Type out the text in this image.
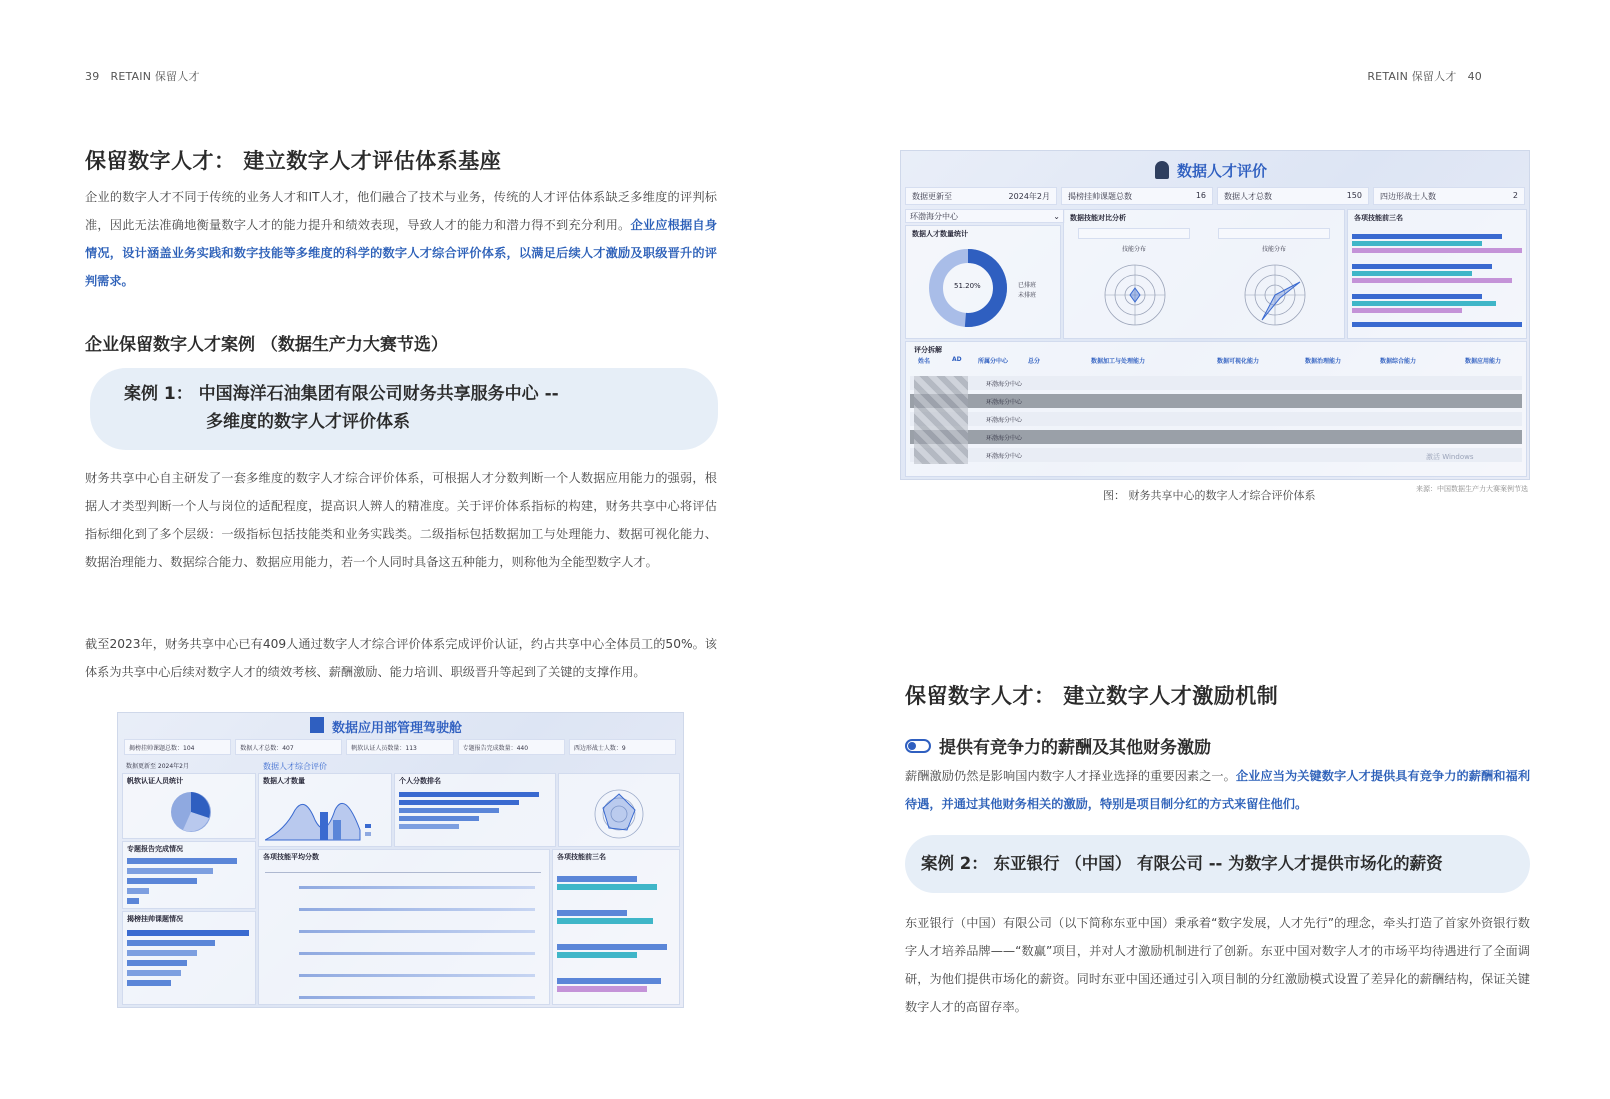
39 RETAIN 保留人才	RETAIN 保留人才 40
保留数字人才： 建立数字人才评估体系基座
企业的数字人才不同于传统的业务人才和IT人才，他们融合了技术与业务，传统的人才评估体系缺乏多维度的评判标准，因此无法准确地衡量数字人才的能力提升和绩效表现，导致人才的能力和潜力得不到充分利用。企业应根据自身情况，设计涵盖业务实践和数字技能等多维度的科学的数字人才综合评价体系，以满足后续人才激励及职级晋升的评判需求。
企业保留数字人才案例 （数据生产力大赛节选）
案例 1： 中国海洋石油集团有限公司财务共享服务中心 --
多维度的数字人才评价体系
财务共享中心自主研发了一套多维度的数字人才综合评价体系，可根据人才分数判断一个人数据应用能力的强弱，根据人才类型判断一个人与岗位的适配程度，提高识人辨人的精准度。关于评价体系指标的构建，财务共享中心将评估指标细化到了多个层级：一级指标包括技能类和业务实践类。二级指标包括数据加工与处理能力、数据可视化能力、数据治理能力、数据综合能力、数据应用能力，若一个人同时具备这五种能力，则称他为全能型数字人才。
截至2023年，财务共享中心已有409人通过数字人才综合评价体系完成评价认证，约占共享中心全体员工的50%。该体系为共享中心后续对数字人才的绩效考核、薪酬激励、能力培训、职级晋升等起到了关键的支撑作用。
数据应用部管理驾驶舱
揭榜挂帅课题总数：104	数据人才总数：407	帆软认证人员数量：113	专题报告完成数量：440	西边形战士人数：9
数据更新至 2024年2月	数据人才综合评价
帆软认证人员统计
专题报告完成情况
揭榜挂帅课题情况
数据人才数量	个人分数排名
各项技能平均分数	各项技能前三名
数据人才评价
数据更新至	2024年2月 揭榜挂帅课题总数	16 数据人才总数	150 四边形战士人数	2
环渤海分中心	⌄
数据人才数量统计
51.20%	已排班
未排班
数据技能对比分析
技能分布	技能分布
各项技能前三名
评分拆解
姓名	AD	所属分中心	总分	数据加工与处理能力	数据可视化能力	数据治理能力	数据综合能力	数据应用能力
环渤海分中心
环渤海分中心
环渤海分中心
环渤海分中心
环渤海分中心	激活 Windows
图： 财务共享中心的数字人才综合评价体系	来源：中国数据生产力大赛案例节选
保留数字人才： 建立数字人才激励机制
提供有竞争力的薪酬及其他财务激励
薪酬激励仍然是影响国内数字人才择业选择的重要因素之一。企业应当为关键数字人才提供具有竞争力的薪酬和福利待遇，并通过其他财务相关的激励，特别是项目制分红的方式来留住他们。
案例 2： 东亚银行 （中国） 有限公司 -- 为数字人才提供市场化的薪资
东亚银行（中国）有限公司（以下简称东亚中国）秉承着“数字发展，人才先行”的理念，牵头打造了首家外资银行数字人才培养品牌——“数赢”项目，并对人才激励机制进行了创新。东亚中国对数字人才的市场平均待遇进行了全面调研，为他们提供市场化的薪资。同时东亚中国还通过引入项目制的分红激励模式设置了差异化的薪酬结构，保证关键数字人才的高留存率。
